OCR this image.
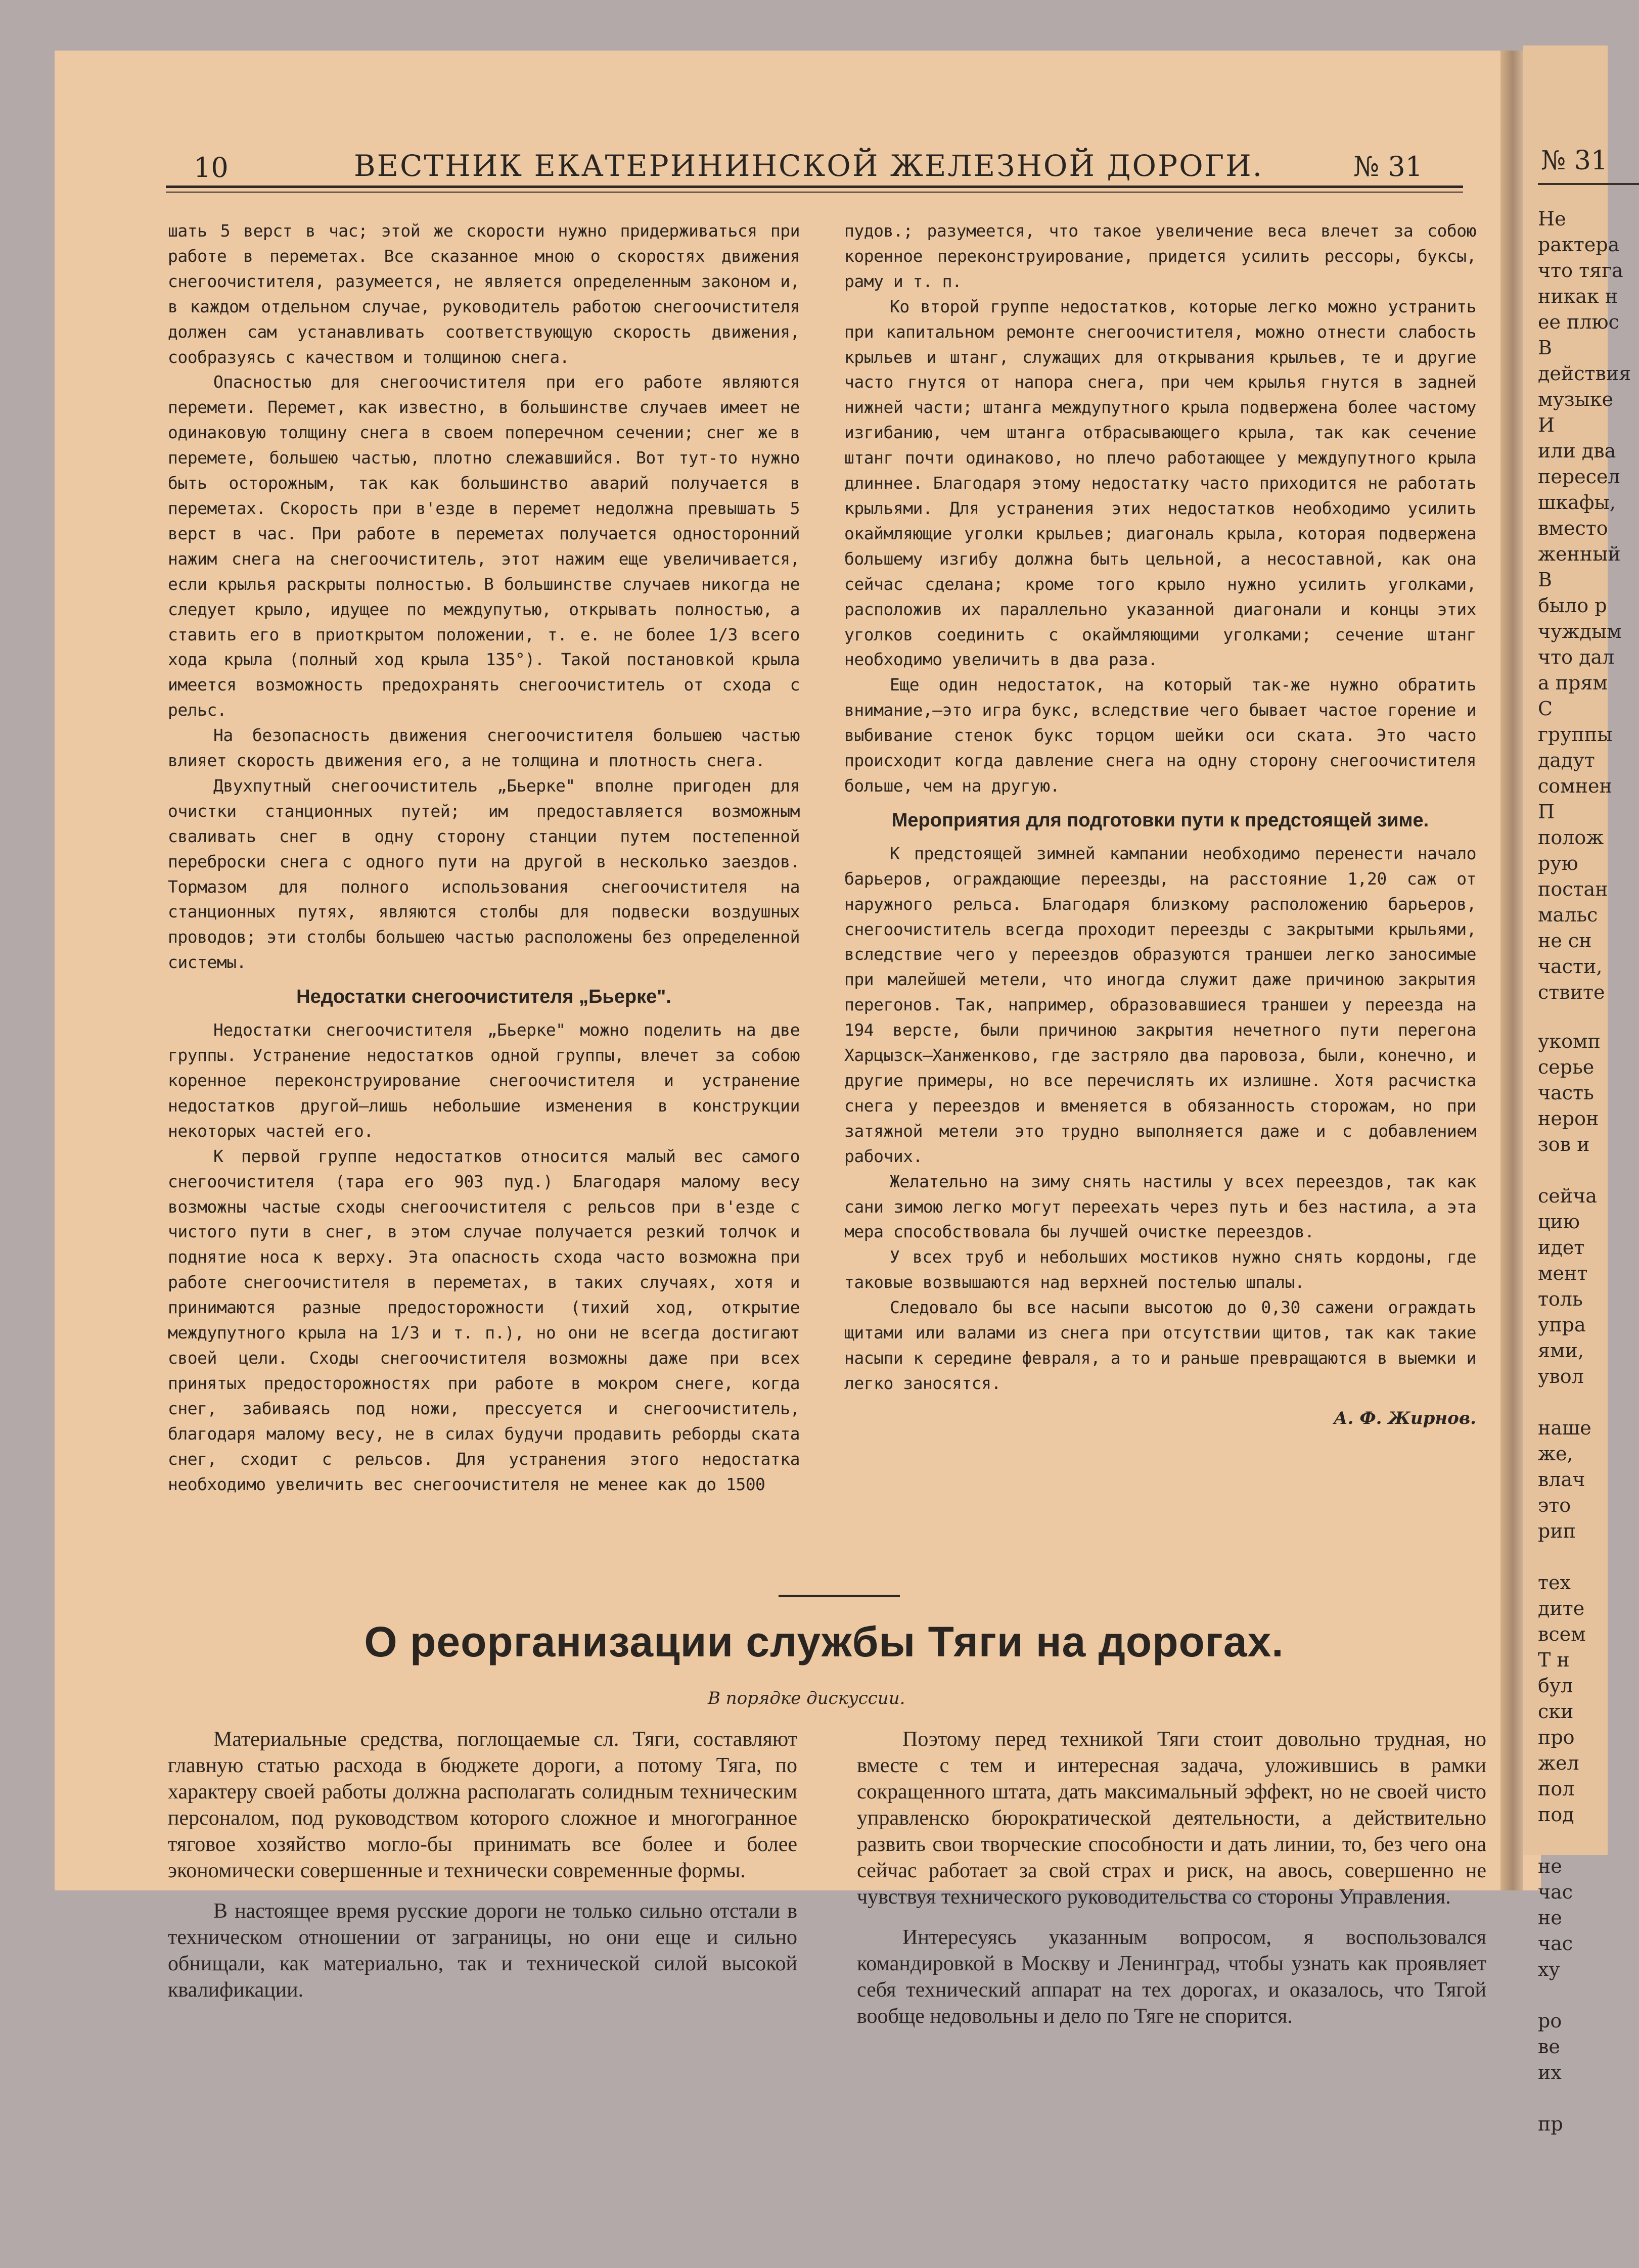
№ 31
Не
рактера
что тяга
никак н
ее плюс
В
действия
музыке
И
или два
пересел
шкафы,
вместо
женный
В
было р
чуждым
что дал
а прям
С
группы
дадут
сомнен
П
полож
рую
постан
мальс
не сн
части,
ствите
укомп
серье
часть
нерон
зов и
сейча
цию
идет
мент
толь
упра
ями,
увол
наше
же,
влач
это
рип
тех
дите
всем
Т н
бул
ски
про
жел
пол
под
не
час
не
час
ху
ро
ве
их
пр
10	ВЕСТНИК ЕКАТЕРИНИНСКОЙ ЖЕЛЕЗНОЙ ДОРОГИ.	№ 31

шать 5 верст в час; этой же скорости нужно придерживаться при работе в переметах. Все сказанное мною о скоростях движения снегоочистителя, разумеется, не является определенным законом и, в каждом отдельном случае, руководитель работою снегоочистителя должен сам устанавливать соответствующую скорость движения, сообразуясь с качеством и толщиною снега.

Опасностью для снегоочистителя при его работе являются перемети. Перемет, как известно, в большинстве случаев имеет не одинаковую толщину снега в своем поперечном сечении; снег же в перемете, большею частью, плотно слежавшийся. Вот тут-то нужно быть осторожным, так как большинство аварий получается в переметах. Скорость при в'езде в перемет недолжна превышать 5 верст в час. При работе в переметах получается односторонний нажим снега на снегоочиститель, этот нажим еще увеличивается, если крылья раскрыты полностью. В большинстве случаев никогда не следует крыло, идущее по междупутью, открывать полностью, а ставить его в приоткрытом положении, т. е. не более 1/3 всего хода крыла (полный ход крыла 135°). Такой постановкой крыла имеется возможность предохранять снегоочиститель от схода с рельс.

На безопасность движения снегоочистителя большею частью влияет скорость движения его, а не толщина и плотность снега.

Двухпутный снегоочиститель „Бьерке" вполне пригоден для очистки станционных путей; им предоставляется возможным сваливать снег в одну сторону станции путем постепенной переброски снега с одного пути на другой в несколько заездов. Тормазом для полного использования снегоочистителя на станционных путях, являются столбы для подвески воздушных проводов; эти столбы большею частью расположены без определенной системы.

Недостатки снегоочистителя „Бьерке".

Недостатки снегоочистителя „Бьерке" можно поделить на две группы. Устранение недостатков одной группы, влечет за собою коренное переконструирование снегоочистителя и устранение недостатков другой—лишь небольшие изменения в конструкции некоторых частей его.

К первой группе недостатков относится малый вес самого снегоочистителя (тара его 903 пуд.) Благодаря малому весу возможны частые сходы снегоочистителя с рельсов при в'езде с чистого пути в снег, в этом случае получается резкий толчок и поднятие носа к верху. Эта опасность схода часто возможна при работе снегоочистителя в переметах, в таких случаях, хотя и принимаются разные предосторожности (тихий ход, открытие междупутного крыла на 1/3 и т. п.), но они не всегда достигают своей цели. Сходы снегоочистителя возможны даже при всех принятых предосторожностях при работе в мокром снеге, когда снег, забиваясь под ножи, прессуется и снегоочиститель, благодаря малому весу, не в силах будучи продавить реборды ската снег, сходит с рельсов. Для устранения этого недостатка необходимо увеличить вес снегоочистителя не менее как до 1500

пудов.; разумеется, что такое увеличение веса влечет за собою коренное переконструирование, придется усилить рессоры, буксы, раму и т. п.

Ко второй группе недостатков, которые легко можно устранить при капитальном ремонте снегоочистителя, можно отнести слабость крыльев и штанг, служащих для открывания крыльев, те и другие часто гнутся от напора снега, при чем крылья гнутся в задней нижней части; штанга междупутного крыла подвержена более частому изгибанию, чем штанга отбрасывающего крыла, так как сечение штанг почти одинаково, но плечо работающее у междупутного крыла длиннее. Благодаря этому недостатку часто приходится не работать крыльями. Для устранения этих недостатков необходимо усилить окаймляющие уголки крыльев; диагональ крыла, которая подвержена большему изгибу должна быть цельной, а несоставной, как она сейчас сделана; кроме того крыло нужно усилить уголками, расположив их параллельно указанной диагонали и концы этих уголков соединить с окаймляющими уголками; сечение штанг необходимо увеличить в два раза.

Еще один недостаток, на который так-же нужно обратить внимание,—это игра букс, вследствие чего бывает частое горение и выбивание стенок букс торцом шейки оси ската. Это часто происходит когда давление снега на одну сторону снегоочистителя больше, чем на другую.

Мероприятия для подготовки пути к предстоящей зиме.

К предстоящей зимней кампании необходимо перенести начало барьеров, ограждающие переезды, на расстояние 1,20 саж от наружного рельса. Благодаря близкому расположению барьеров, снегоочиститель всегда проходит переезды с закрытыми крыльями, вследствие чего у переездов образуются траншеи легко заносимые при малейшей метели, что иногда служит даже причиною закрытия перегонов. Так, например, образовавшиеся траншеи у переезда на 194 версте, были причиною закрытия нечетного пути перегона Харцызск—Ханженково, где застряло два паровоза, были, конечно, и другие примеры, но все перечислять их излишне. Хотя расчистка снега у переездов и вменяется в обязанность сторожам, но при затяжной метели это трудно выполняется даже и с добавлением рабочих.

Желательно на зиму снять настилы у всех переездов, так как сани зимою легко могут переехать через путь и без настила, а эта мера способствовала бы лучшей очистке переездов.

У всех труб и небольших мостиков нужно снять кордоны, где таковые возвышаются над верхней постелью шпалы.

Следовало бы все насыпи высотою до 0,30 сажени ограждать щитами или валами из снега при отсутствии щитов, так как такие насыпи к середине февраля, а то и раньше превращаются в выемки и легко заносятся.

А. Ф. Жирнов.

О реорганизации службы Тяги на дорогах.
В порядке дискуссии.

Материальные средства, поглощаемые сл. Тяги, составляют главную статью расхода в бюджете дороги, а потому Тяга, по характеру своей работы должна располагать солидным техническим персоналом, под руководством которого сложное и многогранное тяговое хозяйство могло-бы принимать все более и более экономически совершенные и технически современные формы.

В настоящее время русские дороги не только сильно отстали в техническом отношении от заграницы, но они еще и сильно обнищали, как материально, так и технической силой высокой квалификации.

Поэтому перед техникой Тяги стоит довольно трудная, но вместе с тем и интересная задача, уложившись в рамки сокращенного штата, дать максимальный эффект, но не своей чисто управленско бюрократической деятельности, а действительно развить свои творческие способности и дать линии, то, без чего она сейчас работает за свой страх и риск, на авось, совершенно не чувствуя технического руководительства со стороны Управления.

Интересуясь указанным вопросом, я воспользовался командировкой в Москву и Ленинград, чтобы узнать как проявляет себя технический аппарат на тех дорогах, и оказалось, что Тягой вообще недовольны и дело по Тяге не спорится.
